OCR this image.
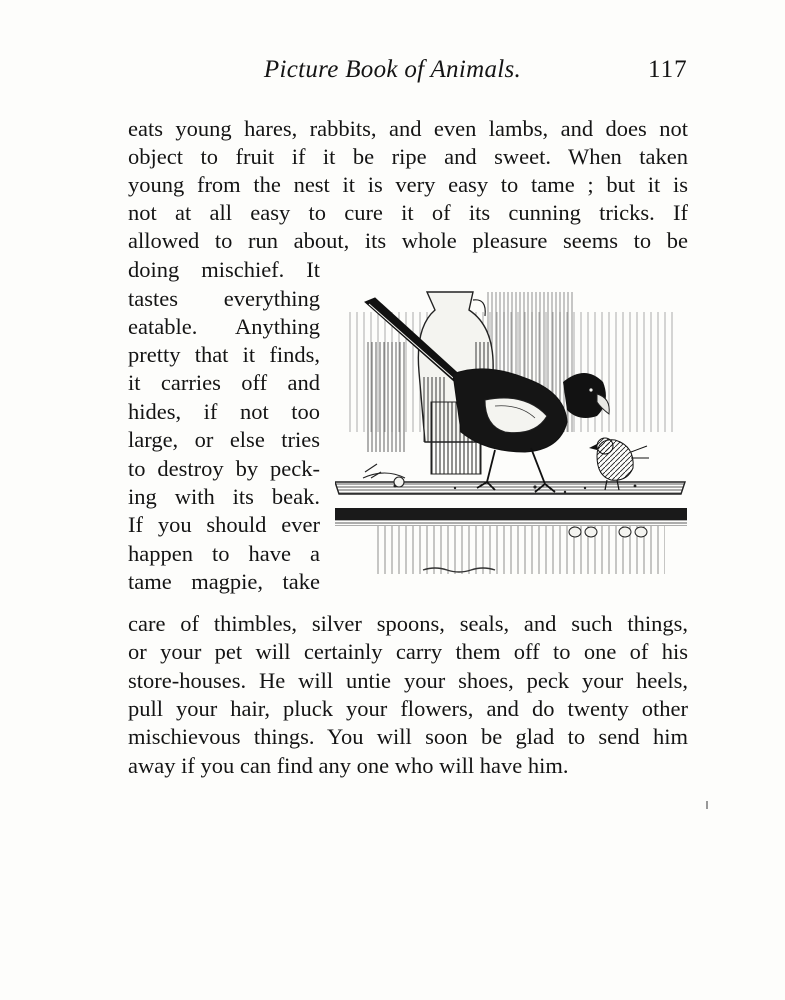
Picture Book of Animals.	117
eats young hares, rabbits, and even lambs, and does not
object to fruit if it be ripe and sweet. When taken
young from the nest it is very easy to tame ; but it is
not at all easy to cure it of its cunning tricks. If
allowed to run about, its whole pleasure seems to be
doing mischief. It
tastes everything
eatable. Anything
pretty that it finds,
it carries off and
hides, if not too
large, or else tries
to destroy by peck-
ing with its beak.
If you should ever
happen to have a
tame magpie, take
care of thimbles, silver spoons, seals, and such things,
or your pet will certainly carry them off to one of his
store-houses. He will untie your shoes, peck your heels,
pull your hair, pluck your flowers, and do twenty other
mischievous things. You will soon be glad to send him
away if you can find any one who will have him.
